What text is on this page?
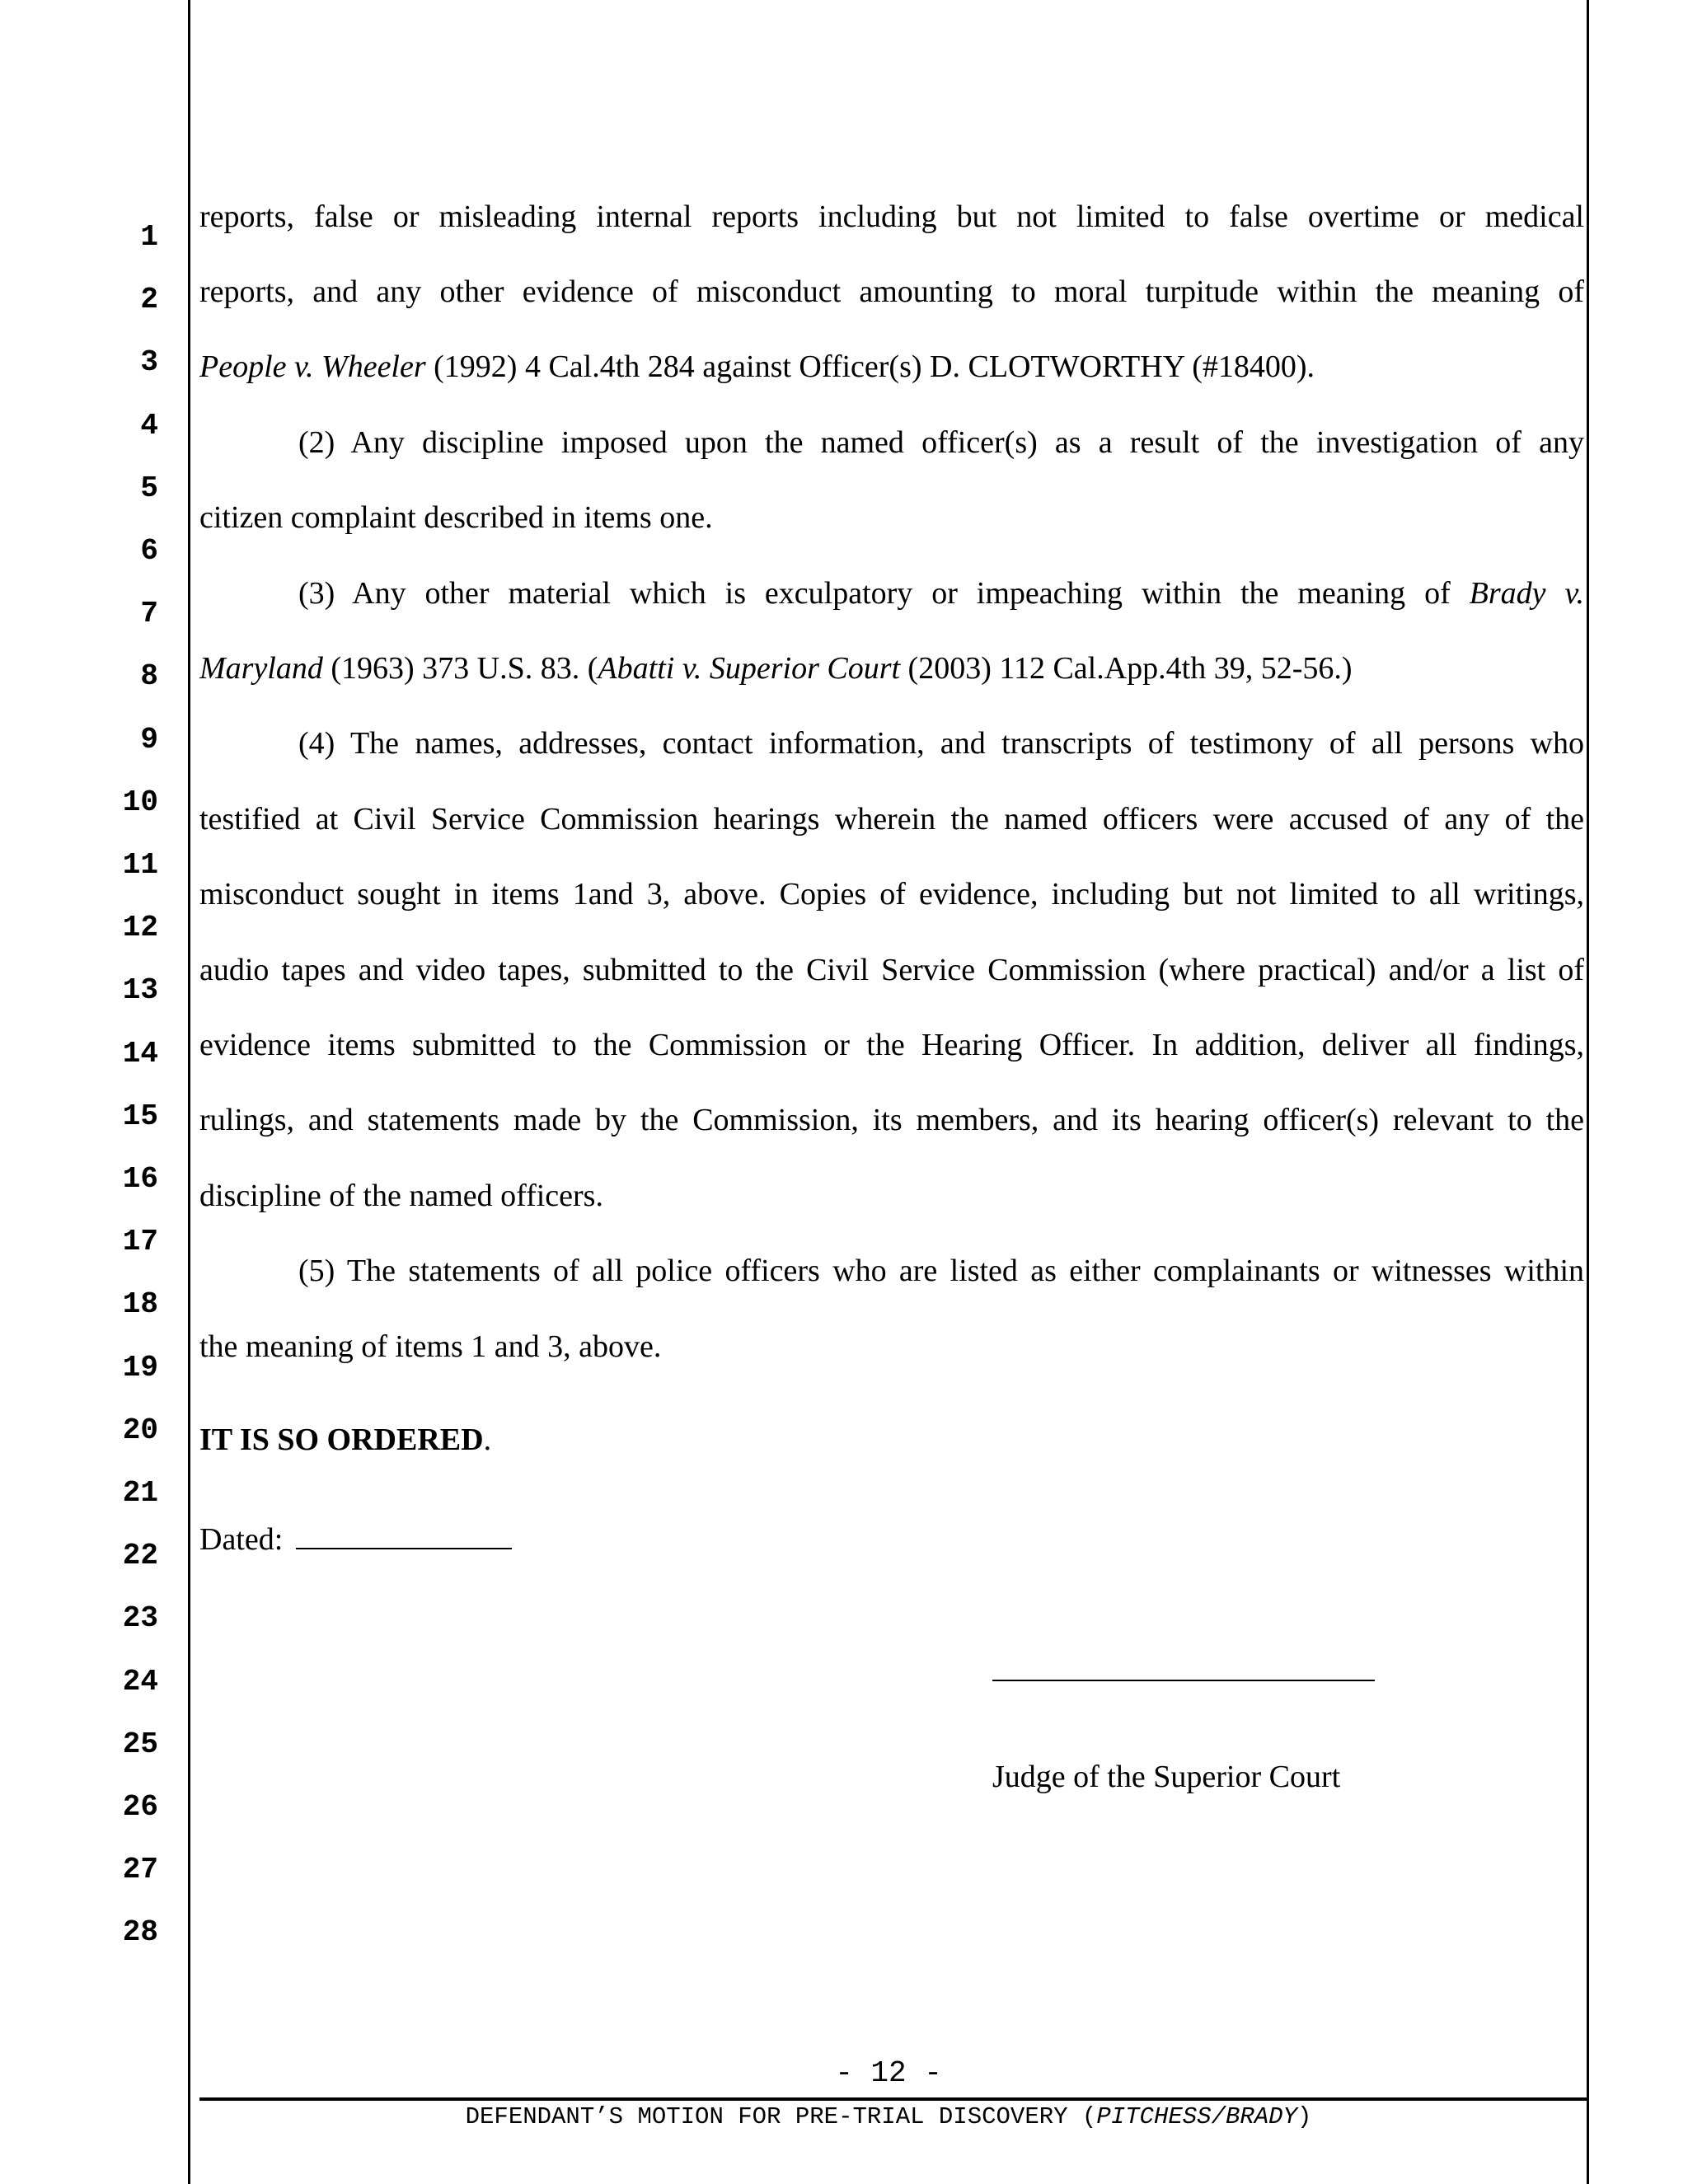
1
2
3
4
5
6
7
8
9
10
11
12
13
14
15
16
17
18
19
20
21
22
23
24
25
26
27
28
reports, false or misleading internal reports including but not limited to false overtime or medical
reports, and any other evidence of misconduct amounting to moral turpitude within the meaning of
People v. Wheeler (1992) 4 Cal.4th 284 against Officer(s) D. CLOTWORTHY (#18400).
(2) Any discipline imposed upon the named officer(s) as a result of the investigation of any
citizen complaint described in items one.
(3) Any other material which is exculpatory or impeaching within the meaning of Brady v.
Maryland (1963) 373 U.S. 83. (Abatti v. Superior Court (2003) 112 Cal.App.4th 39, 52-56.)
(4) The names, addresses, contact information, and transcripts of testimony of all persons who
testified at Civil Service Commission hearings wherein the named officers were accused of any of the
misconduct sought in items 1and 3, above. Copies of evidence, including but not limited to all writings,
audio tapes and video tapes, submitted to the Civil Service Commission (where practical) and/or a list of
evidence items submitted to the Commission or the Hearing Officer. In addition, deliver all findings,
rulings, and statements made by the Commission, its members, and its hearing officer(s) relevant to the
discipline of the named officers.
(5) The statements of all police officers who are listed as either complainants or witnesses within
the meaning of items 1 and 3, above.
IT IS SO ORDERED.
Dated:
Judge of the Superior Court
- 12 -
DEFENDANT’S MOTION FOR PRE-TRIAL DISCOVERY (PITCHESS/BRADY)
